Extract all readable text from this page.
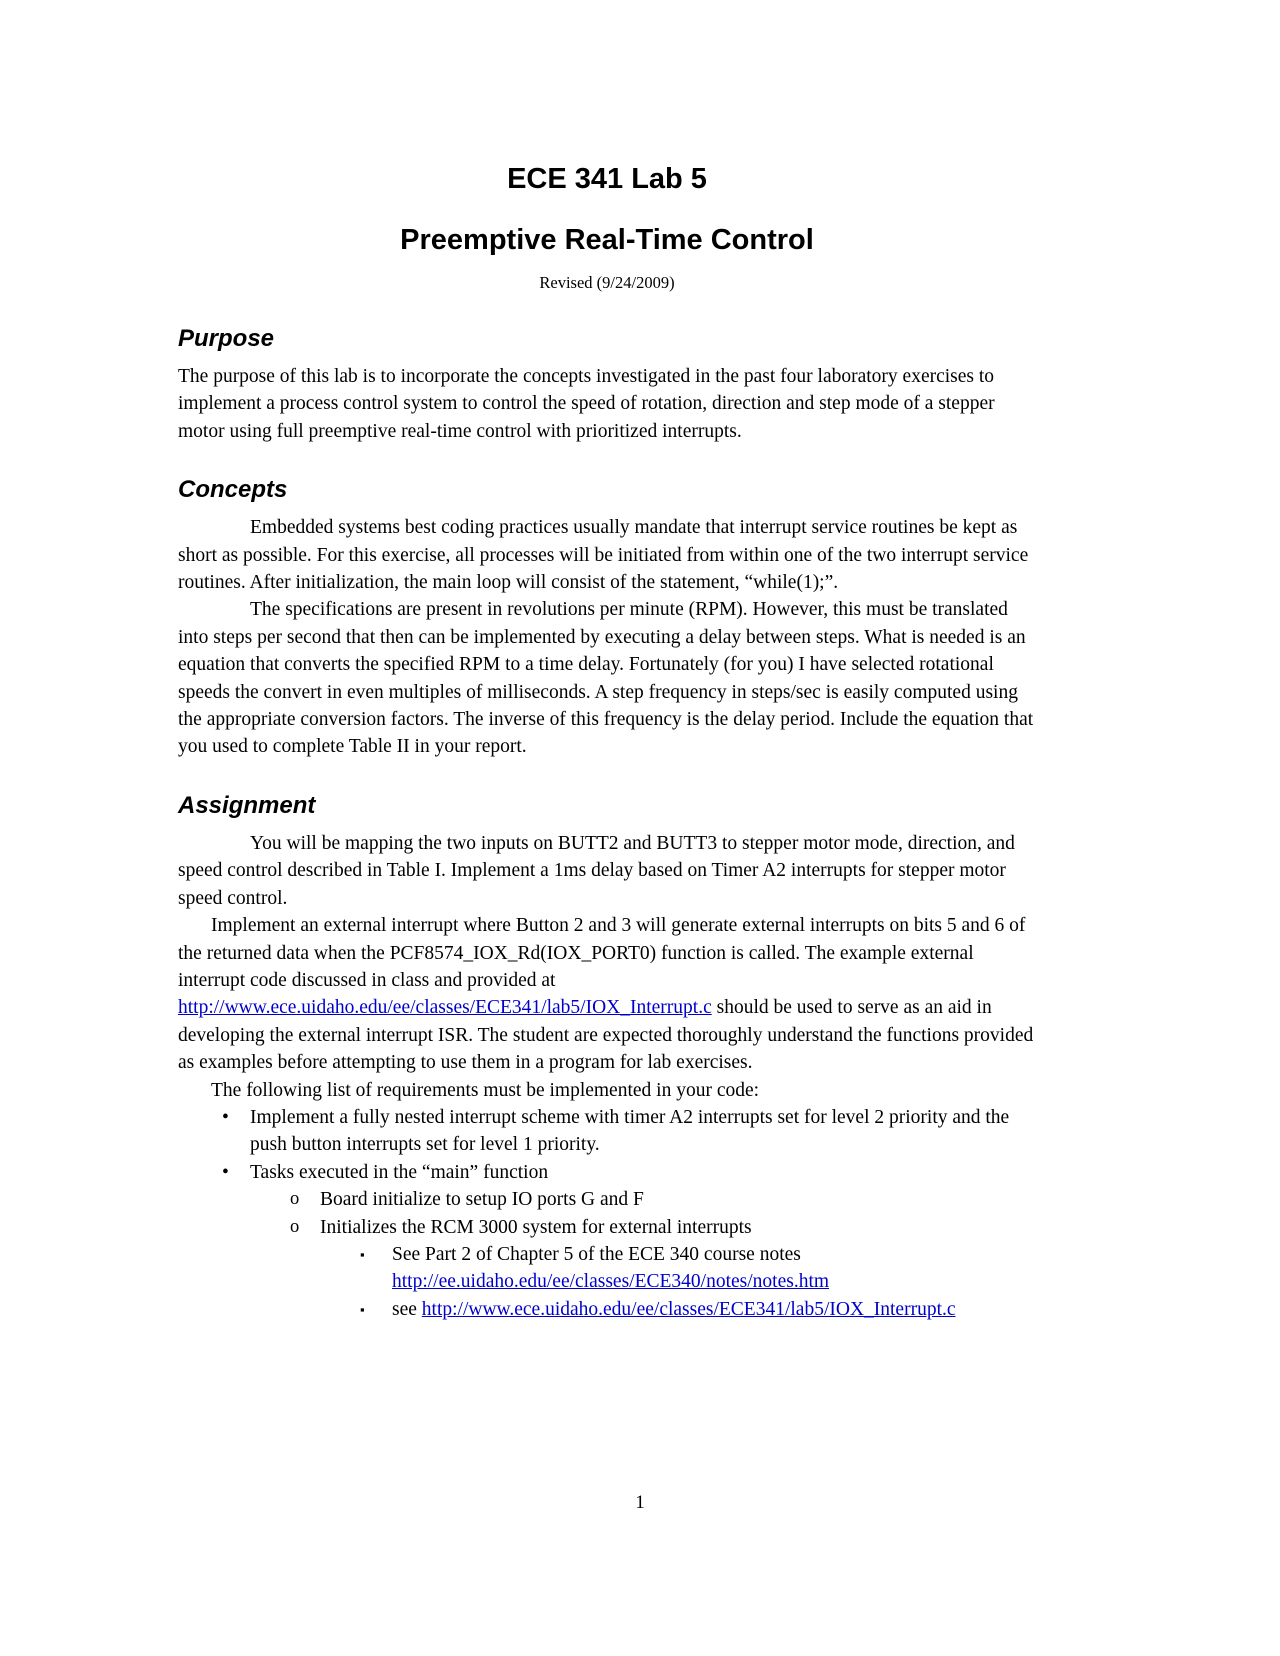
ECE 341 Lab 5
Preemptive Real-Time Control
Revised (9/24/2009)
Purpose

The purpose of this lab is to incorporate the concepts investigated in the past four laboratory exercises to implement a process control system to control the speed of rotation, direction and step mode of a stepper motor using full preemptive real-time control with prioritized interrupts.

Concepts

Embedded systems best coding practices usually mandate that interrupt service routines be kept as short as possible. For this exercise, all processes will be initiated from within one of the two interrupt service routines. After initialization, the main loop will consist of the statement, “while(1);”.

The specifications are present in revolutions per minute (RPM). However, this must be translated into steps per second that then can be implemented by executing a delay between steps. What is needed is an equation that converts the specified RPM to a time delay. Fortunately (for you) I have selected rotational speeds the convert in even multiples of milliseconds. A step frequency in steps/sec is easily computed using the appropriate conversion factors. The inverse of this frequency is the delay period. Include the equation that you used to complete Table II in your report.

Assignment

You will be mapping the two inputs on BUTT2 and BUTT3 to stepper motor mode, direction, and speed control described in Table I. Implement a 1ms delay based on Timer A2 interrupts for stepper motor speed control.

Implement an external interrupt where Button 2 and 3 will generate external interrupts on bits 5 and 6 of the returned data when the PCF8574_IOX_Rd(IOX_PORT0) function is called. The example external interrupt code discussed in class and provided at http://www.ece.uidaho.edu/ee/classes/ECE341/lab5/IOX_Interrupt.c should be used to serve as an aid in developing the external interrupt ISR. The student are expected thoroughly understand the functions provided as examples before attempting to use them in a program for lab exercises.

The following list of requirements must be implemented in your code:

•	Implement a fully nested interrupt scheme with timer A2 interrupts set for level 2 priority and the push button interrupts set for level 1 priority.
•	Tasks executed in the “main” function
o	Board initialize to setup IO ports G and F
o	Initializes the RCM 3000 system for external interrupts
▪	See Part 2 of Chapter 5 of the ECE 340 course notes http://ee.uidaho.edu/ee/classes/ECE340/notes/notes.htm
▪	see http://www.ece.uidaho.edu/ee/classes/ECE341/lab5/IOX_Interrupt.c
1
